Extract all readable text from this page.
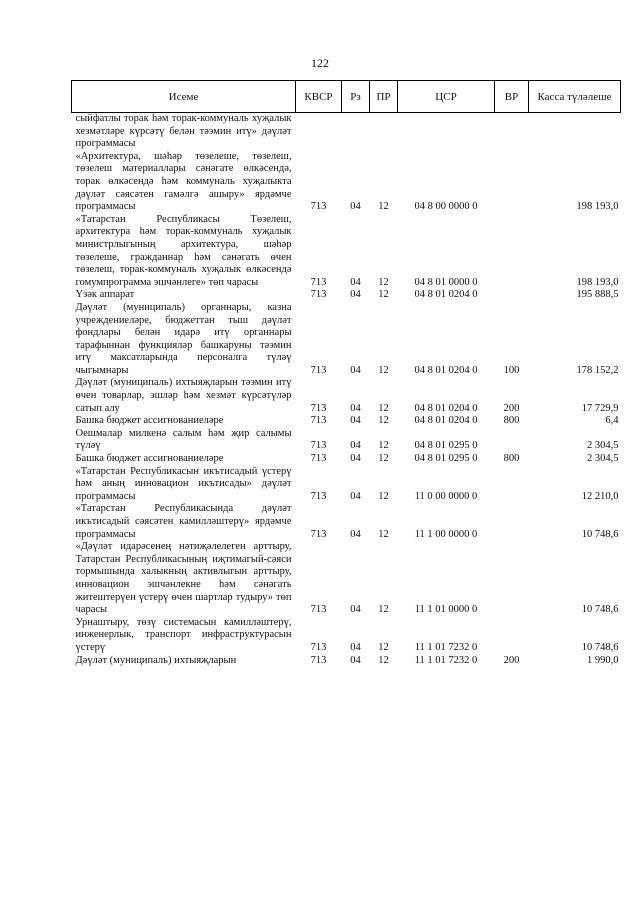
122
Исеме	КВСР	Рз	ПР	ЦСР	ВР	Касса түләлеше
сыйфатлы торак һәм торак-коммуналь хуҗалык хезмәтләре күрсәтү белән тәэмин итү» дәүләт программасы						
«Архитектура, шәһәр төзелеше, төзелеш, төзелеш материаллары сәнәгате өлкәсендә, торак өлкәсендә һәм коммуналь хуҗалыкта дәүләт сәясәтен гамәлгә ашыру» ярдәмче программасы	713	04	12	04 8 00 0000 0		198 193,0
«Татарстан Республикасы Төзелеш, архитектура һәм торак-коммуналь хуҗалык министрлыгының архитектура, шәһәр төзелеше, гражданнар һәм сәнәгать өчен төзелеш, торак-коммуналь хуҗалык өлкәсендә гомумпрограмма эшчәнлеге» төп чарасы	713	04	12	04 8 01 0000 0		198 193,0
Үзәк аппарат	713	04	12	04 8 01 0204 0		195 888,5
Дәүләт (муниципаль) органнары, казна учреждениеләре, бюджеттан тыш дәүләт фондлары белән идарә итү органнары тарафыннан функцияләр башкаруны тәэмин итү максатларында персоналга түләү чыгымнары	713	04	12	04 8 01 0204 0	100	178 152,2
Дәүләт (муниципаль) ихтыяҗларын тәэмин итү өчен товарлар, эшләр һәм хезмәт күрсәтүләр сатып алу	713	04	12	04 8 01 0204 0	200	17 729,9
Башка бюджет ассигнованиеләре	713	04	12	04 8 01 0204 0	800	6,4
Оешмалар милкенә салым һәм җир салымы түләү	713	04	12	04 8 01 0295 0		2 304,5
Башка бюджет ассигнованиеләре	713	04	12	04 8 01 0295 0	800	2 304,5
«Татарстан Республикасын икътисадый үстерү һәм аның инновацион икътисады» дәүләт программасы	713	04	12	11 0 00 0000 0		12 210,0
«Татарстан Республикасында дәүләт икътисадый сәясәтен камилләштерү» ярдәмче программасы	713	04	12	11 1 00 0000 0		10 748,6
«Дәүләт идарәсенең нәтиҗәлелеген арттыру, Татарстан Республикасының иҗтимагый-сәяси тормышында халыкның активлыгын арттыру, инновацион эшчәнлекне һәм сәнәгать житештерүен үстерү өчен шартлар тудыру» төп чарасы	713	04	12	11 1 01 0000 0		10 748,6
Урнаштыру, төзү системасын камилләштерү, инженерлык, транспорт инфраструктурасын үстерү	713	04	12	11 1 01 7232 0		10 748,6
Дәүләт (муниципаль) ихтыяҗларын	713	04	12	11 1 01 7232 0	200	1 990,0
